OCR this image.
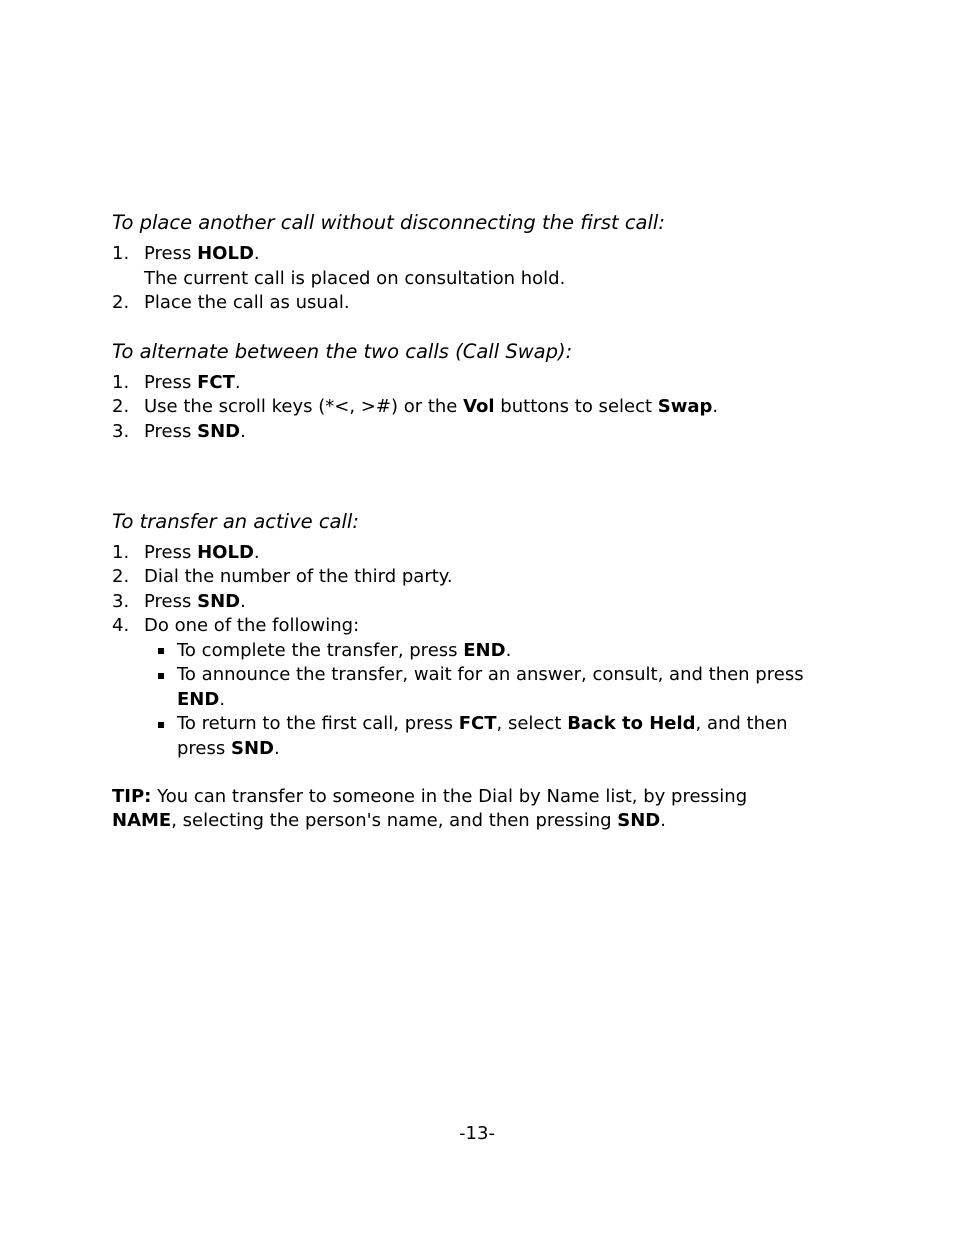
To place another call without disconnecting the first call:
1. Press HOLD.
The current call is placed on consultation hold.
2. Place the call as usual.
To alternate between the two calls (Call Swap):
1. Press FCT.
2. Use the scroll keys (*<, >#) or the Vol buttons to select Swap.
3. Press SND.
To transfer an active call:
1. Press HOLD.
2. Dial the number of the third party.
3. Press SND.
4. Do one of the following:
To complete the transfer, press END.
To announce the transfer, wait for an answer, consult, and then press
END.
To return to the first call, press FCT, select Back to Held, and then
press SND.
TIP: You can transfer to someone in the Dial by Name list, by pressing
NAME, selecting the person's name, and then pressing SND.
-13-
